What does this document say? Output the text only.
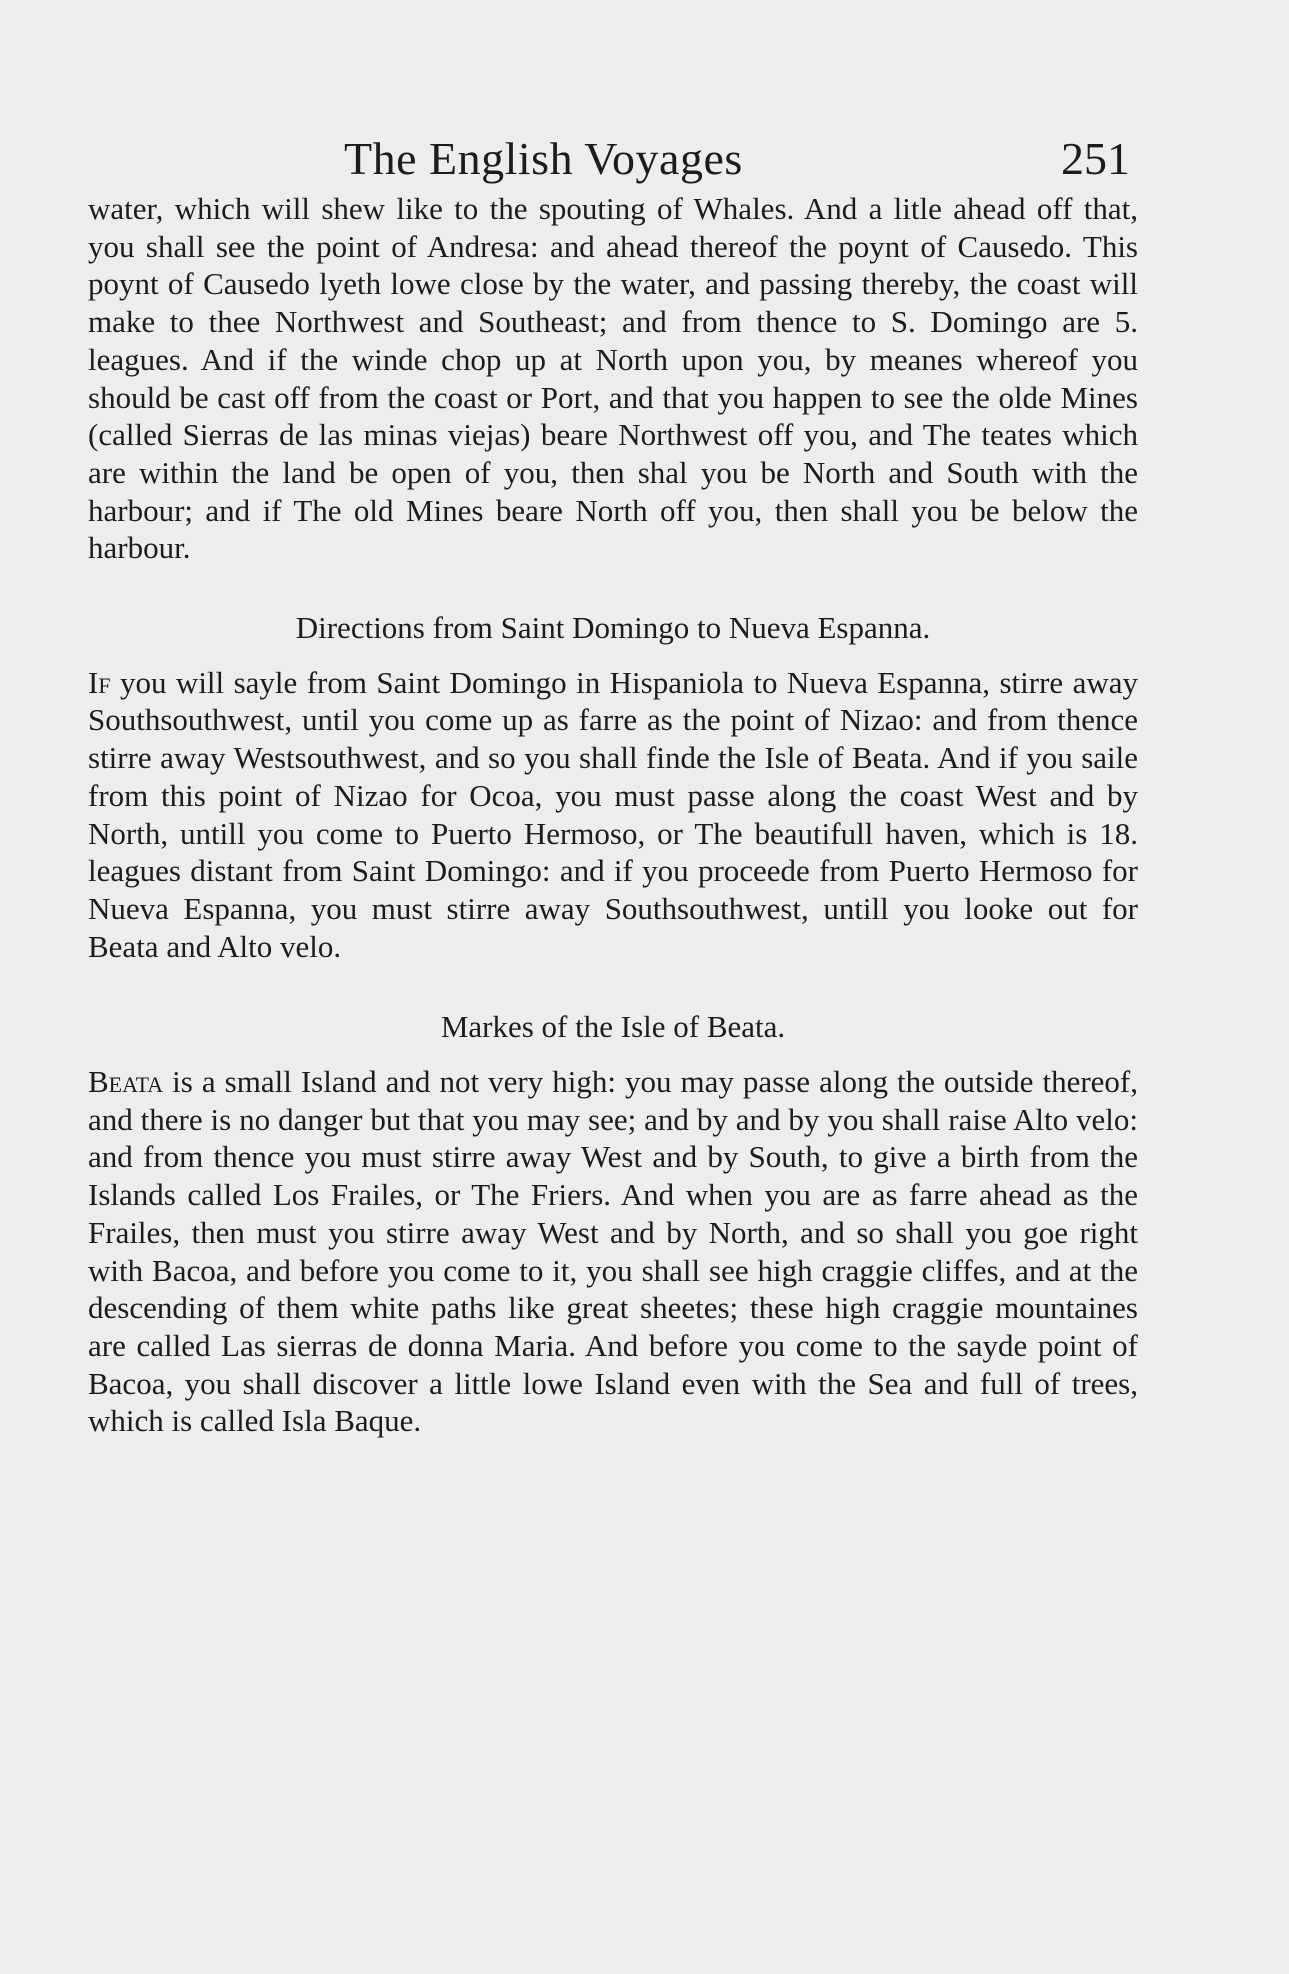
The English Voyages	251

water, which will shew like to the spouting of Whales. And a litle ahead off that, you shall see the point of Andresa: and ahead thereof the poynt of Causedo. This poynt of Causedo lyeth lowe close by the water, and passing thereby, the coast will make to thee Northwest and Southeast; and from thence to S. Domingo are 5. leagues. And if the winde chop up at North upon you, by meanes whereof you should be cast off from the coast or Port, and that you happen to see the olde Mines (called Sierras de las minas viejas) beare Northwest off you, and The teates which are within the land be open of you, then shal you be North and South with the harbour; and if The old Mines beare North off you, then shall you be below the harbour.

Directions from Saint Domingo to Nueva Espanna.

If you will sayle from Saint Domingo in Hispaniola to Nueva Espanna, stirre away Southsouthwest, until you come up as farre as the point of Nizao: and from thence stirre away Westsouthwest, and so you shall finde the Isle of Beata. And if you saile from this point of Nizao for Ocoa, you must passe along the coast West and by North, untill you come to Puerto Hermoso, or The beautifull haven, which is 18. leagues distant from Saint Domingo: and if you proceede from Puerto Hermoso for Nueva Espanna, you must stirre away Southsouthwest, untill you looke out for Beata and Alto velo.

Markes of the Isle of Beata.

Beata is a small Island and not very high: you may passe along the outside thereof, and there is no danger but that you may see; and by and by you shall raise Alto velo: and from thence you must stirre away West and by South, to give a birth from the Islands called Los Frailes, or The Friers. And when you are as farre ahead as the Frailes, then must you stirre away West and by North, and so shall you goe right with Bacoa, and before you come to it, you shall see high craggie cliffes, and at the descending of them white paths like great sheetes; these high craggie mountaines are called Las sierras de donna Maria. And before you come to the sayde point of Bacoa, you shall discover a little lowe Island even with the Sea and full of trees, which is called Isla Baque.
